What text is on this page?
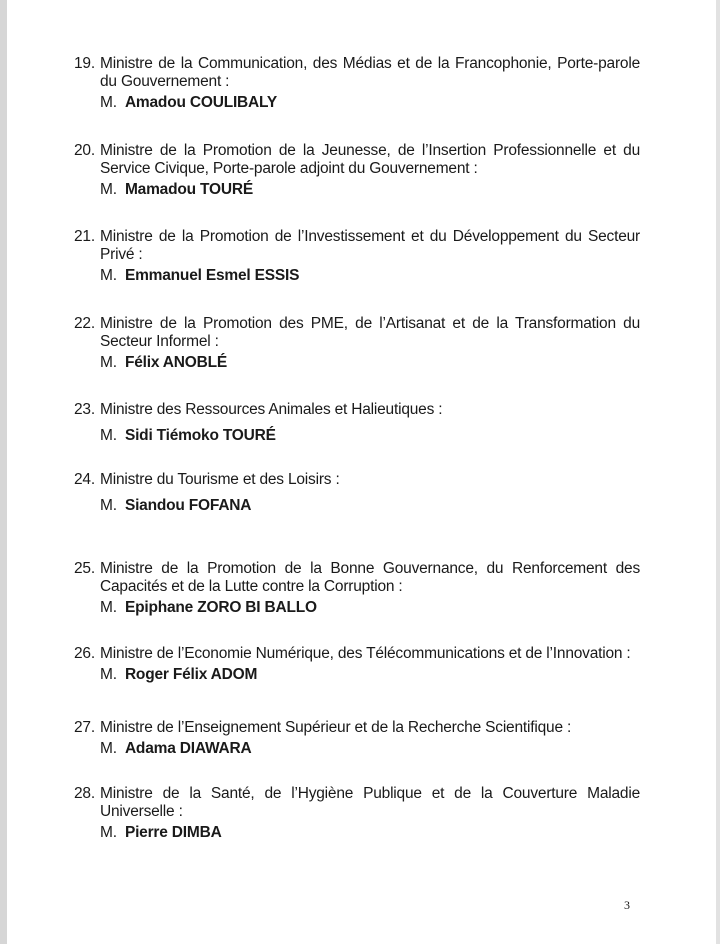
19. Ministre de la Communication, des Médias et de la Francophonie, Porte-parole du Gouvernement :
M. Amadou COULIBALY
20. Ministre de la Promotion de la Jeunesse, de l’Insertion Professionnelle et du Service Civique, Porte-parole adjoint du Gouvernement :
M. Mamadou TOURÉ
21. Ministre de la Promotion de l’Investissement et du Développement du Secteur Privé :
M. Emmanuel Esmel ESSIS
22. Ministre de la Promotion des PME, de l’Artisanat et de la Transformation du Secteur Informel :
M. Félix ANOBLÉ
23. Ministre des Ressources Animales et Halieutiques :
M. Sidi Tiémoko TOURÉ
24. Ministre du Tourisme et des Loisirs :
M. Siandou FOFANA
25. Ministre de la Promotion de la Bonne Gouvernance, du Renforcement des Capacités et de la Lutte contre la Corruption :
M. Epiphane ZORO BI BALLO
26. Ministre de l’Economie Numérique, des Télécommunications et de l’Innovation :
M. Roger Félix ADOM
27. Ministre de l’Enseignement Supérieur et de la Recherche Scientifique :
M. Adama DIAWARA
28. Ministre de la Santé, de l’Hygiène Publique et de la Couverture Maladie Universelle :
M. Pierre DIMBA
3
